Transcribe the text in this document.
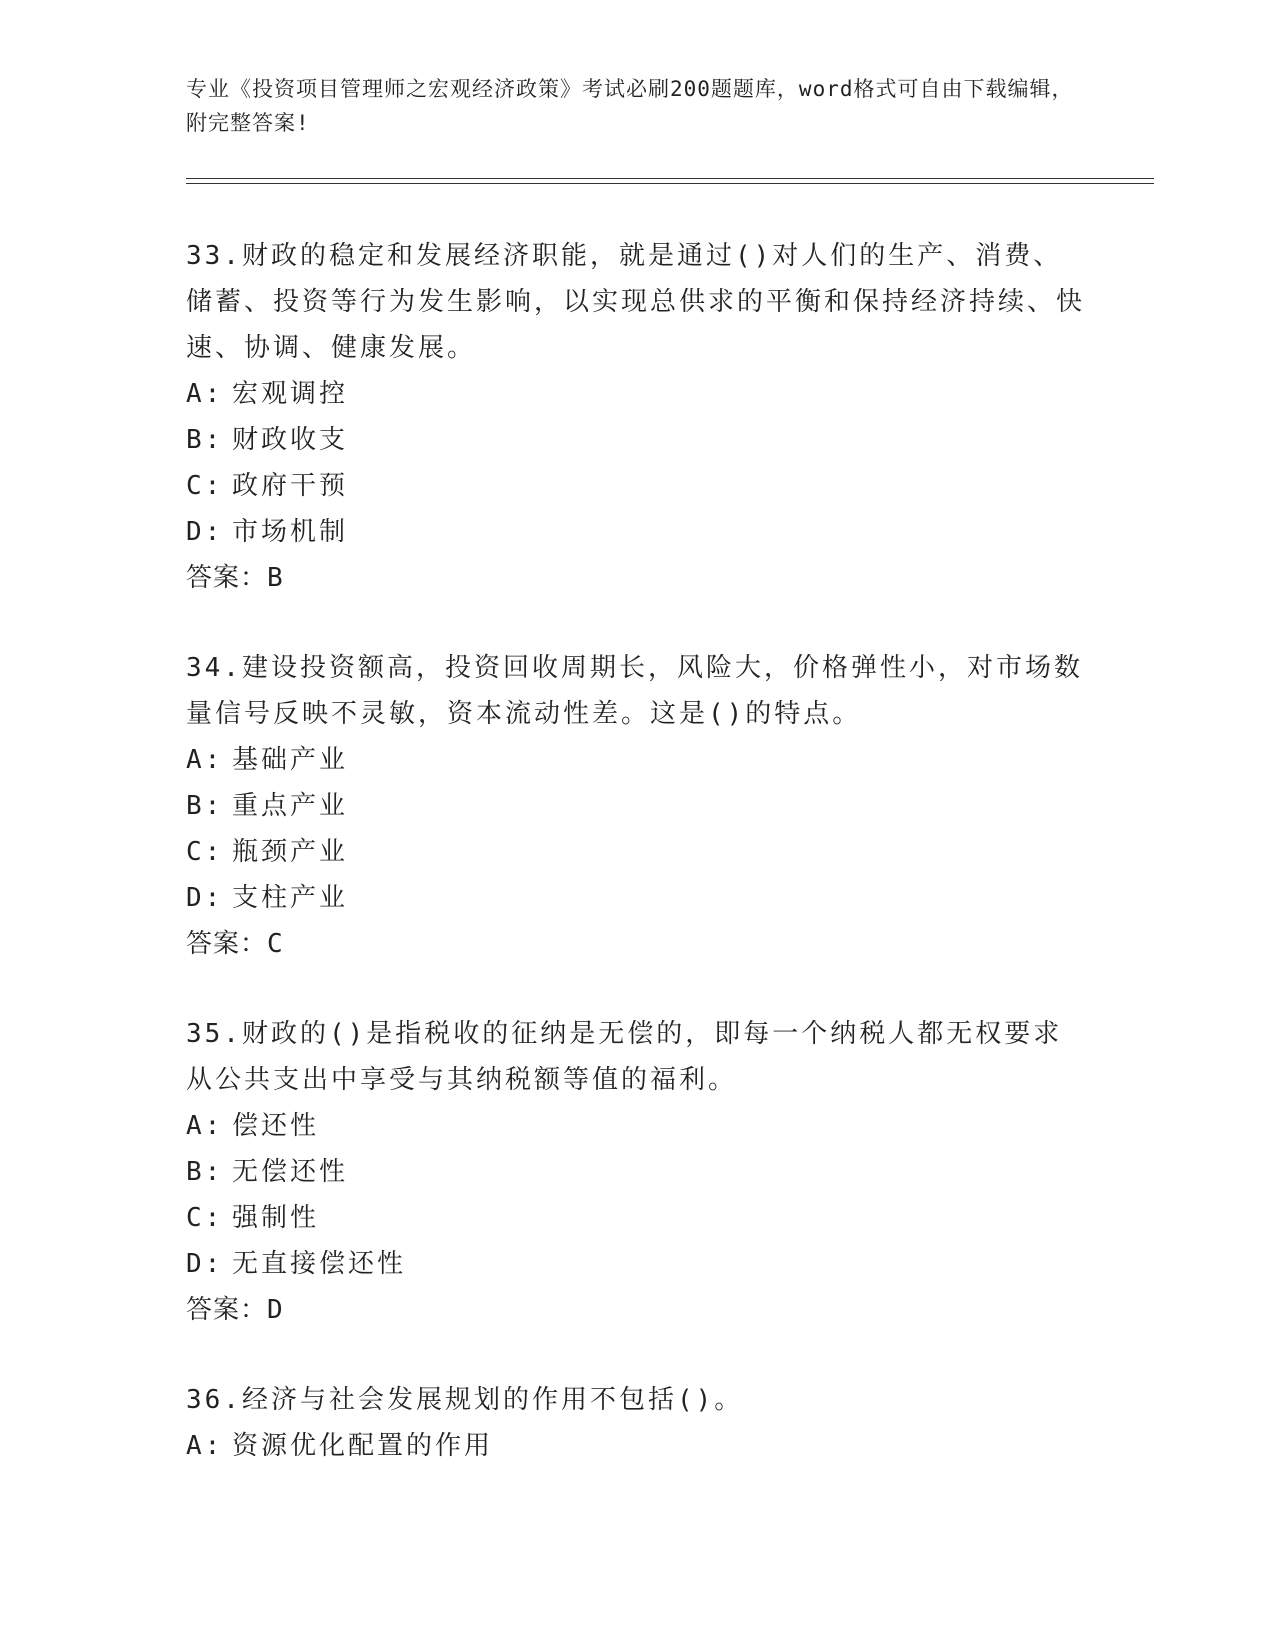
专业《投资项目管理师之宏观经济政策》考试必刷200题题库，word格式可自由下载编辑，附完整答案!
33.财政的稳定和发展经济职能，就是通过()对人们的生产、消费、储蓄、投资等行为发生影响，以实现总供求的平衡和保持经济持续、快速、协调、健康发展。
A: 宏观调控
B: 财政收支
C: 政府干预
D: 市场机制
答案：B
34.建设投资额高，投资回收周期长，风险大，价格弹性小，对市场数量信号反映不灵敏，资本流动性差。这是()的特点。
A: 基础产业
B: 重点产业
C: 瓶颈产业
D: 支柱产业
答案：C
35.财政的()是指税收的征纳是无偿的，即每一个纳税人都无权要求从公共支出中享受与其纳税额等值的福利。
A: 偿还性
B: 无偿还性
C: 强制性
D: 无直接偿还性
答案：D
36.经济与社会发展规划的作用不包括()。
A: 资源优化配置的作用
